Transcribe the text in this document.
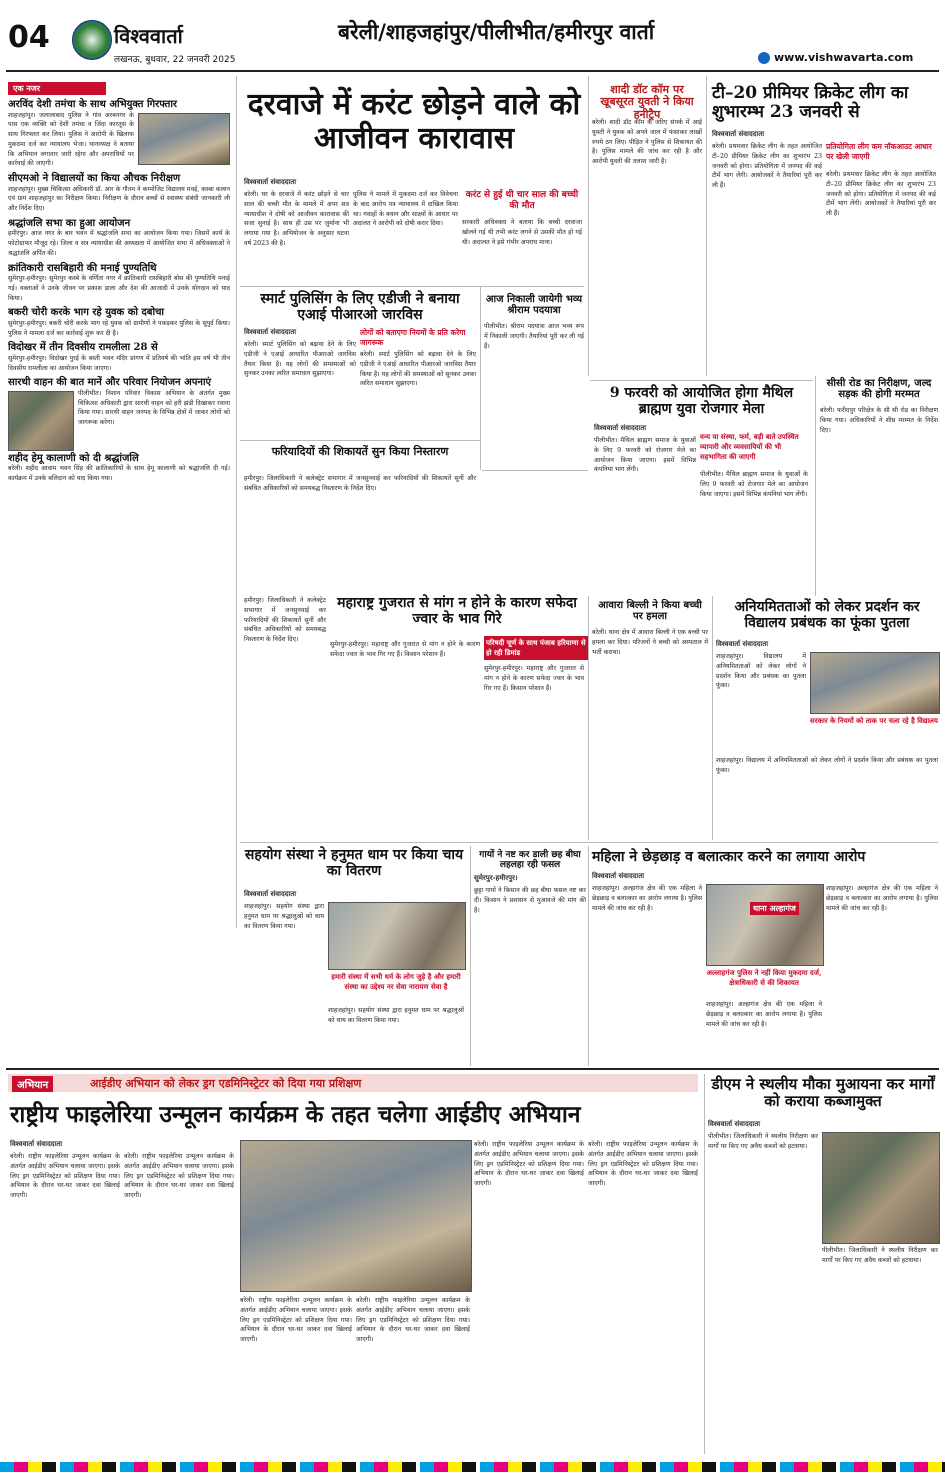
04	विश्ववार्ता
लखनऊ, बुधवार, 22 जनवरी 2025
बरेली/शाहजहांपुर/पीलीभीत/हमीरपुर वार्ता
www.vishwavarta.com
एक नजर
अरविंद देशी तमंचा के साथ अभियुक्त गिरफ्तार
शाहजहांपुर। जलालाबाद पुलिस ने गांव अरबनगर के पास एक व्यक्ति को देशी तमंचा व जिंदा कारतूस के साथ गिरफ्तार कर लिया। पुलिस ने आरोपी के खिलाफ मुकदमा दर्ज कर न्यायालय भेजा। थानाध्यक्ष ने बताया कि अभियान लगातार जारी रहेगा और अपराधियों पर कार्रवाई की जाएगी।
सीएमओ ने विद्यालयों का किया औचक निरीक्षण
शाहजहांपुर। मुख्य चिकित्सा अधिकारी डॉ. आर के गौतम ने कम्पोजिट विद्यालय मवई, कस्बा कलान एवं ग्राम शाहजहांपुर का निरीक्षण किया। निरीक्षण के दौरान बच्चों से स्वास्थ्य संबंधी जानकारी ली और निर्देश दिए।
श्रद्धांजलि सभा का हुआ आयोजन
हमीरपुर। आज नगर के बार भवन में श्रद्धांजलि सभा का आयोजन किया गया। जिसमें कार्य के फोटोग्राफर मौजूद रहे। जिला व सत्र न्यायाधीश की अध्यक्षता में आयोजित सभा में अधिवक्ताओं ने श्रद्धांजलि अर्पित की।
क्रांतिकारी रासबिहारी की मनाई पुण्यतिथि
सुमेरपुर-हमीरपुर। सुमेरपुर कस्बे के वर्णिता नगर में क्रांतिकारी रासबिहारी बोस की पुण्यतिथि मनाई गई। वक्ताओं ने उनके जीवन पर प्रकाश डाला और देश की आजादी में उनके योगदान को याद किया।
बकरी चोरी करके भाग रहे युवक को दबोचा
सुमेरपुर-हमीरपुर। बकरी चोरी करके भाग रहे युवक को ग्रामीणों ने पकड़कर पुलिस के सुपुर्द किया। पुलिस ने मामला दर्ज कर कार्रवाई शुरू कर दी है।
विदोखर में तीन दिवसीय रामलीला 28 से
सुमेरपुर-हमीरपुर। विदोखर पुरई के बस्ती भवन मंदिर प्रांगण में प्रतिवर्ष की भांति इस वर्ष भी तीन दिवसीय रामलीला का आयोजन किया जाएगा।
सारथी वाहन की बात मानें और परिवार नियोजन अपनाएं
पीलीभीत। निशान परिवार विकास अभियान के अंतर्गत मुख्य चिकित्सा अधिकारी द्वारा सारथी वाहन को हरी झंडी दिखाकर रवाना किया गया। सारथी वाहन जनपद के विभिन्न क्षेत्रों में जाकर लोगों को जागरूक करेगा।
शहीद हेमू कालाणी को दी श्रद्धांजलि
बरेली। शहीद आवाम भवन सिंह की क्रांतिकारियों के साथ हेमू कालाणी को श्रद्धांजलि दी गई। कार्यक्रम में उनके बलिदान को याद किया गया।
दरवाजे में करंट छोड़ने वाले को आजीवन कारावास
विश्ववार्ता संवाददाता
बरेली। घर के दरवाजे में करंट छोड़ने से चार साल की बच्ची मौत के मामले में अपर सत्र न्यायाधीश ने दोषी को आजीवन कारावास की सजा सुनाई है। साथ ही उस पर जुर्माना भी लगाया गया है। अभियोजन के अनुसार घटना वर्ष 2023 की है।
पुलिस ने मामले में मुकदमा दर्ज कर विवेचना के बाद आरोप पत्र न्यायालय में दाखिल किया था। गवाहों के बयान और साक्ष्यों के आधार पर अदालत ने आरोपी को दोषी करार दिया।
करंट से हुई थी चार साल की बच्ची की मौत
सरकारी अधिवक्ता ने बताया कि बच्ची दरवाजा खोलने गई थी तभी करंट लगने से उसकी मौत हो गई थी। अदालत ने इसे गंभीर अपराध माना।
शादी डॉट कॉम पर खूबसूरत युवती ने किया हनीट्रैप
बरेली। शादी डॉट कॉम के जरिए संपर्क में आई युवती ने युवक को अपने जाल में फंसाकर लाखों रुपये ठग लिए। पीड़ित ने पुलिस से शिकायत की है। पुलिस मामले की जांच कर रही है और आरोपी युवती की तलाश जारी है।
टी–20 प्रीमियर क्रिकेट लीग का शुभारम्भ 23 जनवरी से
विश्ववार्ता संवाददाता
बरेली। प्रथमवार क्रिकेट लीग के तहत आयोजित टी–20 प्रीमियर क्रिकेट लीग का शुभारंभ 23 जनवरी को होगा। प्रतियोगिता में जनपद की कई टीमें भाग लेंगी। आयोजकों ने तैयारियां पूरी कर ली हैं।
प्रतियोगिता लीग कम नॉकआउट आधार पर खेली जाएगी
बरेली। प्रथमवार क्रिकेट लीग के तहत आयोजित टी–20 प्रीमियर क्रिकेट लीग का शुभारंभ 23 जनवरी को होगा। प्रतियोगिता में जनपद की कई टीमें भाग लेंगी। आयोजकों ने तैयारियां पूरी कर ली हैं।
स्मार्ट पुलिसिंग के लिए एडीजी ने बनाया एआई पीआरओ जारविस
विश्ववार्ता संवाददाता
बरेली। स्मार्ट पुलिसिंग को बढ़ावा देने के लिए एडीजी ने एआई आधारित पीआरओ जारविस तैयार किया है। यह लोगों की समस्याओं को सुनकर उनका त्वरित समाधान सुझाएगा।
लोगों को बताएगा नियमों के प्रति करेगा जागरूक
बरेली। स्मार्ट पुलिसिंग को बढ़ावा देने के लिए एडीजी ने एआई आधारित पीआरओ जारविस तैयार किया है। यह लोगों की समस्याओं को सुनकर उनका त्वरित समाधान सुझाएगा।
आज निकाली जायेगी भव्य श्रीराम पदयात्रा
पीलीभीत। श्रीराम पदयात्रा आज भव्य रूप में निकाली जाएगी। तैयारियां पूरी कर ली गई हैं।
9 फरवरी को आयोजित होगा मैथिल ब्राह्मण युवा रोजगार मेला
विश्ववार्ता संवाददाता
पीलीभीत। मैथिल ब्राह्मण समाज के युवाओं के लिए 9 फरवरी को रोजगार मेले का आयोजन किया जाएगा। इसमें विभिन्न कंपनियां भाग लेंगी।
वन्य या संस्था, फर्म, बड़ी बाते उपस्थित व्यापारी और व्यवसायियों की भी सहभागिता की जाएगी
पीलीभीत। मैथिल ब्राह्मण समाज के युवाओं के लिए 9 फरवरी को रोजगार मेले का आयोजन किया जाएगा। इसमें विभिन्न कंपनियां भाग लेंगी।
सीसी रोड का निरीक्षण, जल्द सड़क की होगी मरम्मत
बरेली। फरीदपुर परिक्षेत्र के सी सी रोड का निरीक्षण किया गया। अधिकारियों ने शीघ्र मरम्मत के निर्देश दिए।
फरियादियों की शिकायतें सुन किया निस्तारण
हमीरपुर। जिलाधिकारी ने कलेक्ट्रेट सभागार में जनसुनवाई कर फरियादियों की शिकायतें सुनीं और संबंधित अधिकारियों को समयबद्ध निस्तारण के निर्देश दिए।
महाराष्ट्र गुजरात से मांग न होने के कारण सफेदा ज्वार के भाव गिरे
परिषदी चूर्ण के साथ पंजाब हरियाणा से हो रही डिमांड
सुमेरपुर-हमीरपुर। महाराष्ट्र और गुजरात से मांग न होने के कारण सफेदा ज्वार के भाव गिर गए हैं। किसान परेशान हैं।
सुमेरपुर-हमीरपुर। महाराष्ट्र और गुजरात से मांग न होने के कारण सफेदा ज्वार के भाव गिर गए हैं। किसान परेशान हैं।
हमीरपुर। जिलाधिकारी ने कलेक्ट्रेट सभागार में जनसुनवाई कर फरियादियों की शिकायतें सुनीं और संबंधित अधिकारियों को समयबद्ध निस्तारण के निर्देश दिए।
आवारा बिल्ली ने किया बच्ची पर हमला
बरेली। थाना क्षेत्र में आवारा बिल्ली ने एक बच्ची पर हमला कर दिया। परिजनों ने बच्ची को अस्पताल में भर्ती कराया।
अनियमितताओं को लेकर प्रदर्शन कर विद्यालय प्रबंधक का फूंका पुतला
विश्ववार्ता संवाददाता
शाहजहांपुर। विद्यालय में अनियमितताओं को लेकर लोगों ने प्रदर्शन किया और प्रबंधक का पुतला फूंका।
सरकार के नियमों को ताक पर चला रहे है विद्यालय
शाहजहांपुर। विद्यालय में अनियमितताओं को लेकर लोगों ने प्रदर्शन किया और प्रबंधक का पुतला फूंका।
सहयोग संस्था ने हनुमत धाम पर किया चाय का वितरण
विश्ववार्ता संवाददाता
शाहजहांपुर। सहयोग संस्था द्वारा हनुमत धाम पर श्रद्धालुओं को चाय का वितरण किया गया।
हमारी संस्था में सभी धर्म के लोग जुड़े है और हमारी संस्था का उद्देश्य नर सेवा नारायण सेवा है
शाहजहांपुर। सहयोग संस्था द्वारा हनुमत धाम पर श्रद्धालुओं को चाय का वितरण किया गया।
गायों ने नष्ट कर डाली छह बीघा लहलहा रही फसल
सुमेरपुर-हमीरपुर।
छुट्टा गायों ने किसान की छह बीघा फसल नष्ट कर दी। किसान ने प्रशासन से मुआवजे की मांग की है।
महिला ने छेड़छाड़ व बलात्कार करने का लगाया आरोप
विश्ववार्ता संवाददाता
शाहजहांपुर। अल्हागंज क्षेत्र की एक महिला ने छेड़छाड़ व बलात्कार का आरोप लगाया है। पुलिस मामले की जांच कर रही है।	थाना अल्हागंज
अल्लाहगंज पुलिस ने नहीं किया मुकदमा दर्ज, क्षेत्राधिकारी से की शिकायत
शाहजहांपुर। अल्हागंज क्षेत्र की एक महिला ने छेड़छाड़ व बलात्कार का आरोप लगाया है। पुलिस मामले की जांच कर रही है।
शाहजहांपुर। अल्हागंज क्षेत्र की एक महिला ने छेड़छाड़ व बलात्कार का आरोप लगाया है। पुलिस मामले की जांच कर रही है।
अभियान	आईडीए अभियान को लेकर ड्रग एडमिनिस्ट्रेटर को दिया गया प्रशिक्षण
राष्ट्रीय फाइलेरिया उन्मूलन कार्यक्रम के तहत चलेगा आईडीए अभियान
विश्ववार्ता संवाददाता
बरेली। राष्ट्रीय फाइलेरिया उन्मूलन कार्यक्रम के अंतर्गत आईडीए अभियान चलाया जाएगा। इसके लिए ड्रग एडमिनिस्ट्रेटर को प्रशिक्षण दिया गया। अभियान के दौरान घर-घर जाकर दवा खिलाई जाएगी।
बरेली। राष्ट्रीय फाइलेरिया उन्मूलन कार्यक्रम के अंतर्गत आईडीए अभियान चलाया जाएगा। इसके लिए ड्रग एडमिनिस्ट्रेटर को प्रशिक्षण दिया गया। अभियान के दौरान घर-घर जाकर दवा खिलाई जाएगी।
बरेली। राष्ट्रीय फाइलेरिया उन्मूलन कार्यक्रम के अंतर्गत आईडीए अभियान चलाया जाएगा। इसके लिए ड्रग एडमिनिस्ट्रेटर को प्रशिक्षण दिया गया। अभियान के दौरान घर-घर जाकर दवा खिलाई जाएगी।
बरेली। राष्ट्रीय फाइलेरिया उन्मूलन कार्यक्रम के अंतर्गत आईडीए अभियान चलाया जाएगा। इसके लिए ड्रग एडमिनिस्ट्रेटर को प्रशिक्षण दिया गया। अभियान के दौरान घर-घर जाकर दवा खिलाई जाएगी।
बरेली। राष्ट्रीय फाइलेरिया उन्मूलन कार्यक्रम के अंतर्गत आईडीए अभियान चलाया जाएगा। इसके लिए ड्रग एडमिनिस्ट्रेटर को प्रशिक्षण दिया गया। अभियान के दौरान घर-घर जाकर दवा खिलाई जाएगी।
बरेली। राष्ट्रीय फाइलेरिया उन्मूलन कार्यक्रम के अंतर्गत आईडीए अभियान चलाया जाएगा। इसके लिए ड्रग एडमिनिस्ट्रेटर को प्रशिक्षण दिया गया। अभियान के दौरान घर-घर जाकर दवा खिलाई जाएगी।
डीएम ने स्थलीय मौका मुआयना कर मार्गों को कराया कब्जामुक्त
विश्ववार्ता संवाददाता
पीलीभीत। जिलाधिकारी ने स्थलीय निरीक्षण कर मार्गों पर किए गए अवैध कब्जों को हटवाया।
पीलीभीत। जिलाधिकारी ने स्थलीय निरीक्षण कर मार्गों पर किए गए अवैध कब्जों को हटवाया।
